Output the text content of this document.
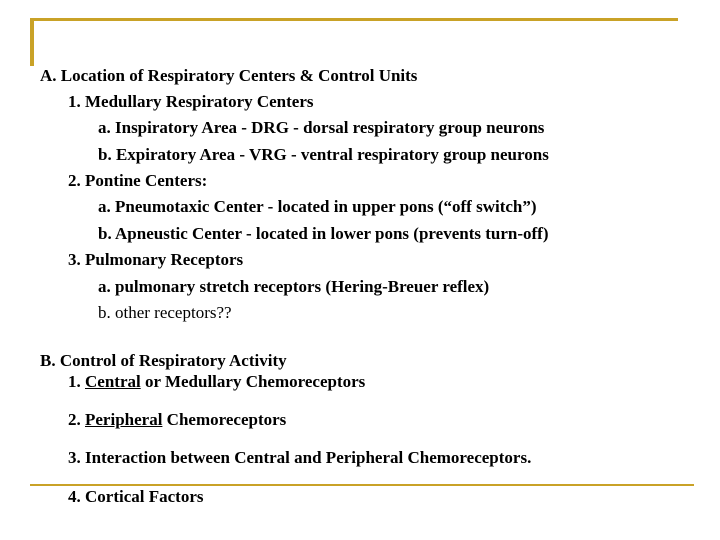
A. Location of Respiratory Centers & Control Units
1. Medullary Respiratory Centers
a. Inspiratory Area - DRG - dorsal respiratory group neurons
b. Expiratory Area - VRG - ventral respiratory group neurons
2. Pontine Centers:
a. Pneumotaxic Center - located in upper pons (“off switch”)
b. Apneustic Center - located in lower pons (prevents turn-off)
3. Pulmonary Receptors
a. pulmonary stretch receptors (Hering-Breuer reflex)
b. other receptors??
B. Control of Respiratory Activity
1. Central or Medullary Chemoreceptors
2. Peripheral Chemoreceptors
3. Interaction between Central and Peripheral Chemoreceptors.
4. Cortical Factors
